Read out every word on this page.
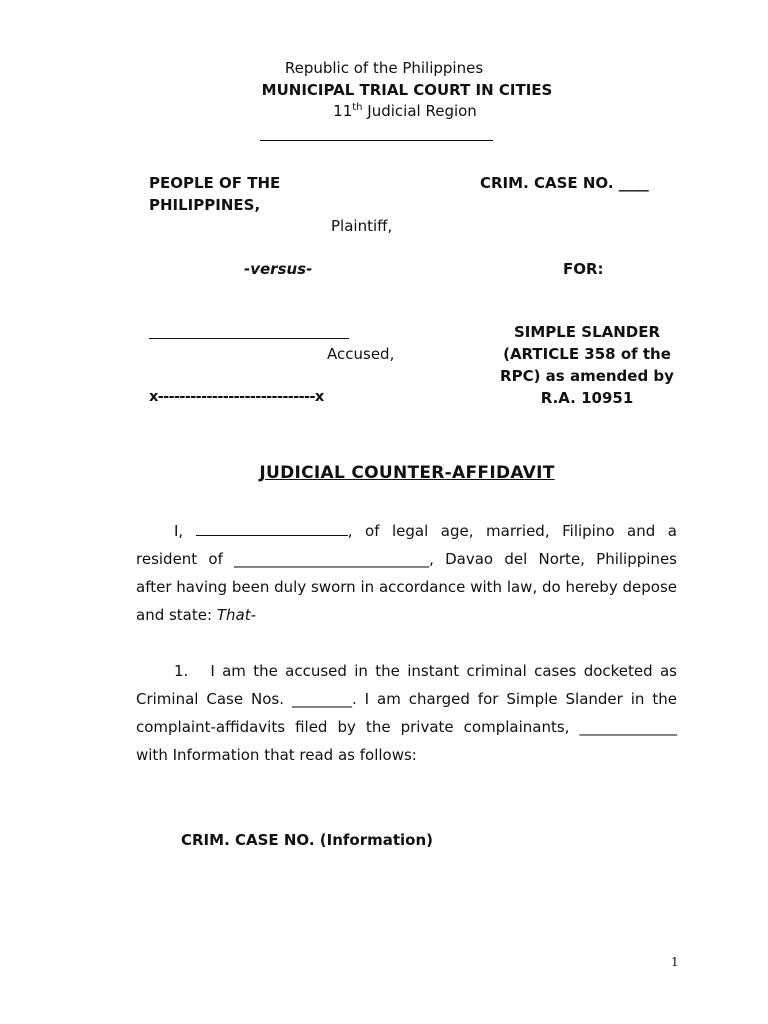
Republic of the Philippines
MUNICIPAL TRIAL COURT IN CITIES
11th Judicial Region
PEOPLE OF THE
PHILIPPINES,
Plaintiff,
-versus-
Accused,
x-----------------------------x
CRIM. CASE NO. ____
FOR:
SIMPLE SLANDER
(ARTICLE 358 of the
RPC) as amended by
R.A. 10951
JUDICIAL COUNTER-AFFIDAVIT
I,	, of legal age, married, Filipino and a resident of __________________________, Davao del Norte, Philippines after having been duly sworn in accordance with law, do hereby depose and state: That-
1. I am the accused in the instant criminal cases docketed as Criminal Case Nos. ________. I am charged for Simple Slander in the complaint-affidavits filed by the private complainants, _____________ with Information that read as follows:
CRIM. CASE NO. (Information)
1
